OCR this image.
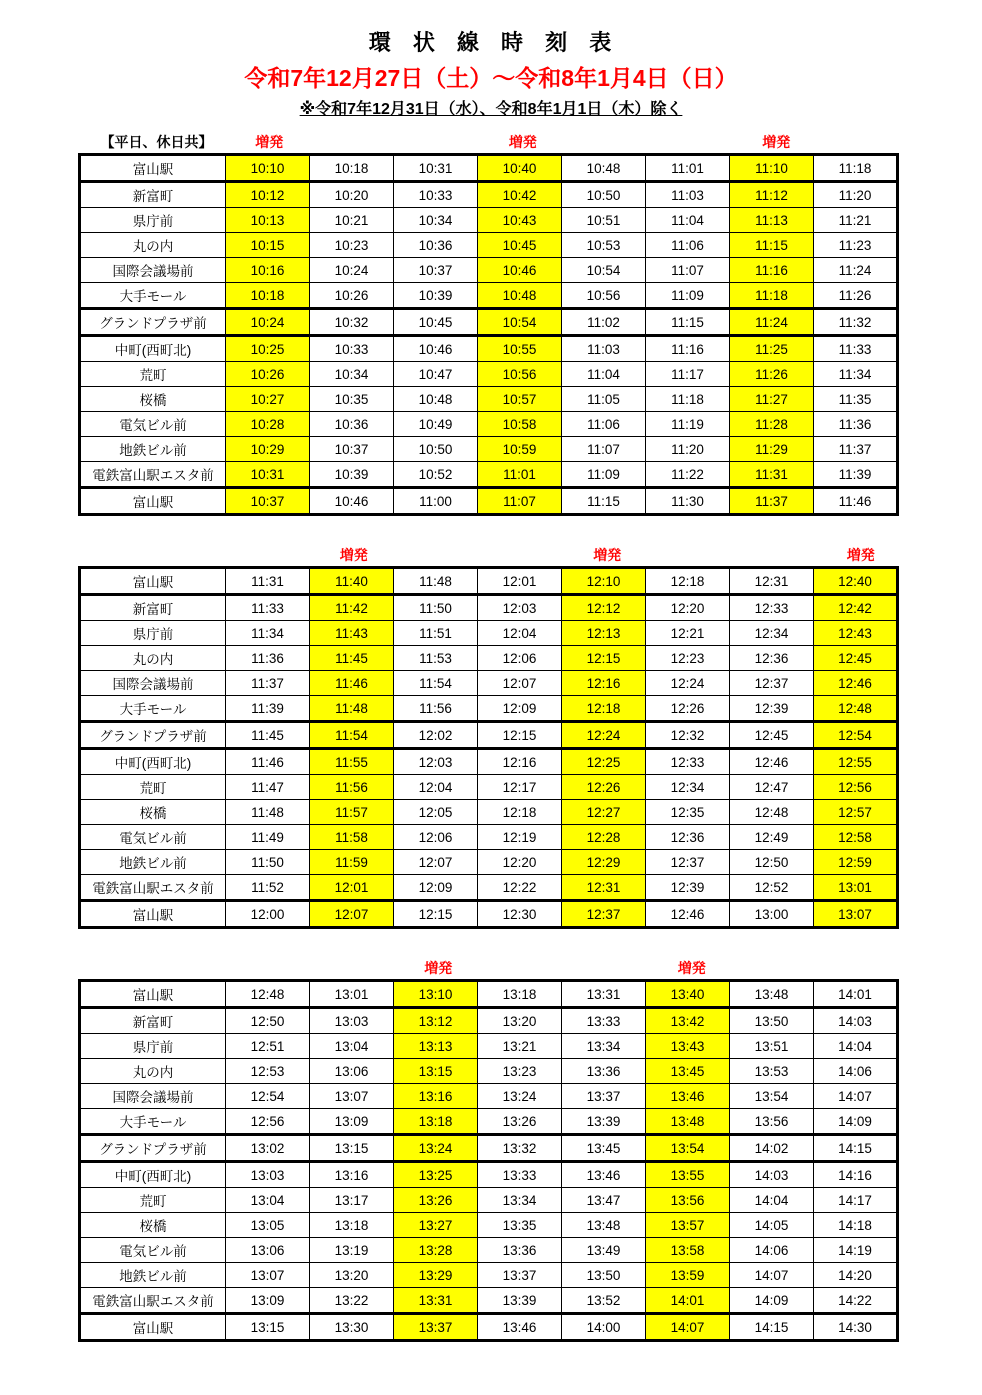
環 状 線 時 刻 表
令和7年12月27日（土）～令和8年1月4日（日）
※令和7年12月31日（水）、令和8年1月1日（木）除く
【平日、休日共】	増発	増発	増発
富山駅	10:10	10:18	10:31	10:40	10:48	11:01	11:10	11:18
新富町	10:12	10:20	10:33	10:42	10:50	11:03	11:12	11:20
県庁前	10:13	10:21	10:34	10:43	10:51	11:04	11:13	11:21
丸の内	10:15	10:23	10:36	10:45	10:53	11:06	11:15	11:23
国際会議場前	10:16	10:24	10:37	10:46	10:54	11:07	11:16	11:24
大手モール	10:18	10:26	10:39	10:48	10:56	11:09	11:18	11:26
グランドプラザ前	10:24	10:32	10:45	10:54	11:02	11:15	11:24	11:32
中町(西町北)	10:25	10:33	10:46	10:55	11:03	11:16	11:25	11:33
荒町	10:26	10:34	10:47	10:56	11:04	11:17	11:26	11:34
桜橋	10:27	10:35	10:48	10:57	11:05	11:18	11:27	11:35
電気ビル前	10:28	10:36	10:49	10:58	11:06	11:19	11:28	11:36
地鉄ビル前	10:29	10:37	10:50	10:59	11:07	11:20	11:29	11:37
電鉄富山駅エスタ前	10:31	10:39	10:52	11:01	11:09	11:22	11:31	11:39
富山駅	10:37	10:46	11:00	11:07	11:15	11:30	11:37	11:46
増発	増発	増発
富山駅	11:31	11:40	11:48	12:01	12:10	12:18	12:31	12:40
新富町	11:33	11:42	11:50	12:03	12:12	12:20	12:33	12:42
県庁前	11:34	11:43	11:51	12:04	12:13	12:21	12:34	12:43
丸の内	11:36	11:45	11:53	12:06	12:15	12:23	12:36	12:45
国際会議場前	11:37	11:46	11:54	12:07	12:16	12:24	12:37	12:46
大手モール	11:39	11:48	11:56	12:09	12:18	12:26	12:39	12:48
グランドプラザ前	11:45	11:54	12:02	12:15	12:24	12:32	12:45	12:54
中町(西町北)	11:46	11:55	12:03	12:16	12:25	12:33	12:46	12:55
荒町	11:47	11:56	12:04	12:17	12:26	12:34	12:47	12:56
桜橋	11:48	11:57	12:05	12:18	12:27	12:35	12:48	12:57
電気ビル前	11:49	11:58	12:06	12:19	12:28	12:36	12:49	12:58
地鉄ビル前	11:50	11:59	12:07	12:20	12:29	12:37	12:50	12:59
電鉄富山駅エスタ前	11:52	12:01	12:09	12:22	12:31	12:39	12:52	13:01
富山駅	12:00	12:07	12:15	12:30	12:37	12:46	13:00	13:07
増発	増発
富山駅	12:48	13:01	13:10	13:18	13:31	13:40	13:48	14:01
新富町	12:50	13:03	13:12	13:20	13:33	13:42	13:50	14:03
県庁前	12:51	13:04	13:13	13:21	13:34	13:43	13:51	14:04
丸の内	12:53	13:06	13:15	13:23	13:36	13:45	13:53	14:06
国際会議場前	12:54	13:07	13:16	13:24	13:37	13:46	13:54	14:07
大手モール	12:56	13:09	13:18	13:26	13:39	13:48	13:56	14:09
グランドプラザ前	13:02	13:15	13:24	13:32	13:45	13:54	14:02	14:15
中町(西町北)	13:03	13:16	13:25	13:33	13:46	13:55	14:03	14:16
荒町	13:04	13:17	13:26	13:34	13:47	13:56	14:04	14:17
桜橋	13:05	13:18	13:27	13:35	13:48	13:57	14:05	14:18
電気ビル前	13:06	13:19	13:28	13:36	13:49	13:58	14:06	14:19
地鉄ビル前	13:07	13:20	13:29	13:37	13:50	13:59	14:07	14:20
電鉄富山駅エスタ前	13:09	13:22	13:31	13:39	13:52	14:01	14:09	14:22
富山駅	13:15	13:30	13:37	13:46	14:00	14:07	14:15	14:30
